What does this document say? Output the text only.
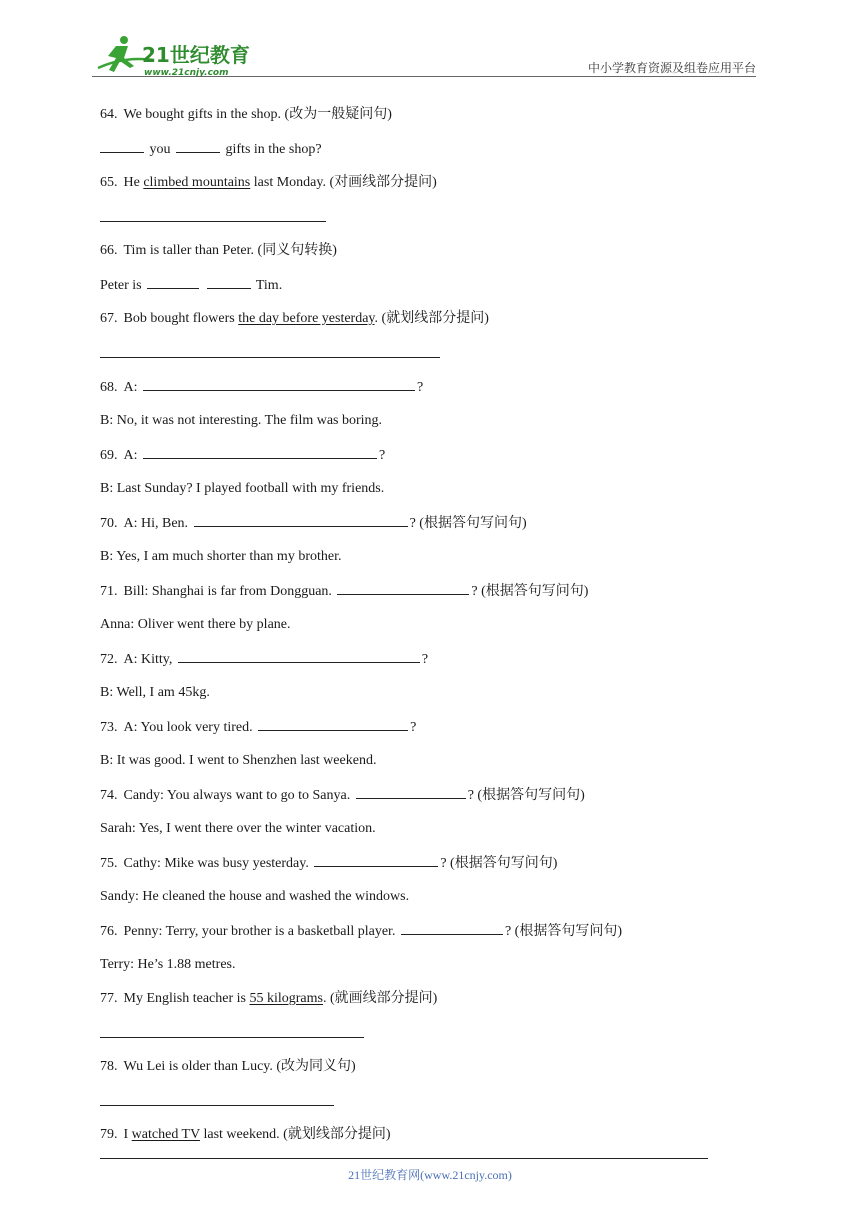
21世纪教育
www.21cnjy.com	中小学教育资源及组卷应用平台
64. We bought gifts in the shop. (改为一般疑问句)
you	gifts in the shop?
65. He climbed mountains last Monday. (对画线部分提问)
66. Tim is taller than Peter. (同义句转换)
Peter is	Tim.
67. Bob bought flowers the day before yesterday. (就划线部分提问)
68. A:	?
B: No, it was not interesting. The film was boring.
69. A:	?
B: Last Sunday? I played football with my friends.
70. A: Hi, Ben.	? (根据答句写问句)
B: Yes, I am much shorter than my brother.
71. Bill: Shanghai is far from Dongguan.	? (根据答句写问句)
Anna: Oliver went there by plane.
72. A: Kitty,	?
B: Well, I am 45kg.
73. A: You look very tired.	?
B: It was good. I went to Shenzhen last weekend.
74. Candy: You always want to go to Sanya.	? (根据答句写问句)
Sarah: Yes, I went there over the winter vacation.
75. Cathy: Mike was busy yesterday.	? (根据答句写问句)
Sandy: He cleaned the house and washed the windows.
76. Penny: Terry, your brother is a basketball player.	? (根据答句写问句)
Terry: He’s 1.88 metres.
77. My English teacher is 55 kilograms. (就画线部分提问)
78. Wu Lei is older than Lucy. (改为同义句)
79. I watched TV last weekend. (就划线部分提问)
21世纪教育网(www.21cnjy.com)
